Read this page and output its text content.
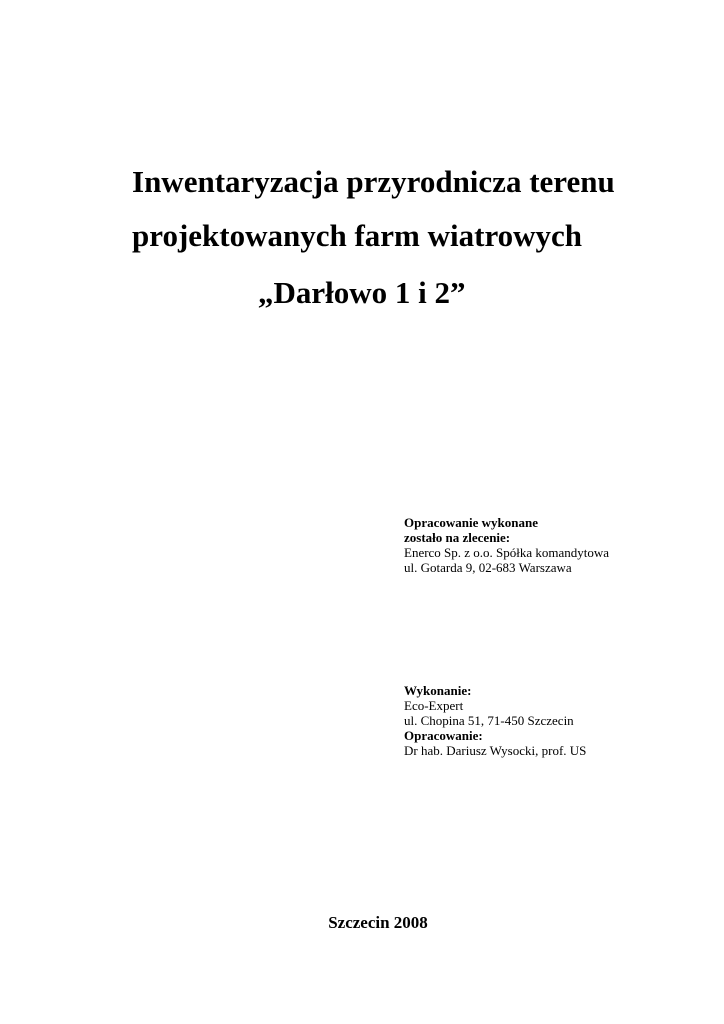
Inwentaryzacja przyrodnicza terenu
projektowanych farm wiatrowych
„Darłowo 1 i 2”
Opracowanie wykonane
zostało na zlecenie:
Enerco Sp. z o.o. Spółka komandytowa
ul. Gotarda 9, 02-683 Warszawa
Wykonanie:
Eco-Expert
ul. Chopina 51, 71-450 Szczecin
Opracowanie:
Dr hab. Dariusz Wysocki, prof. US
Szczecin 2008
